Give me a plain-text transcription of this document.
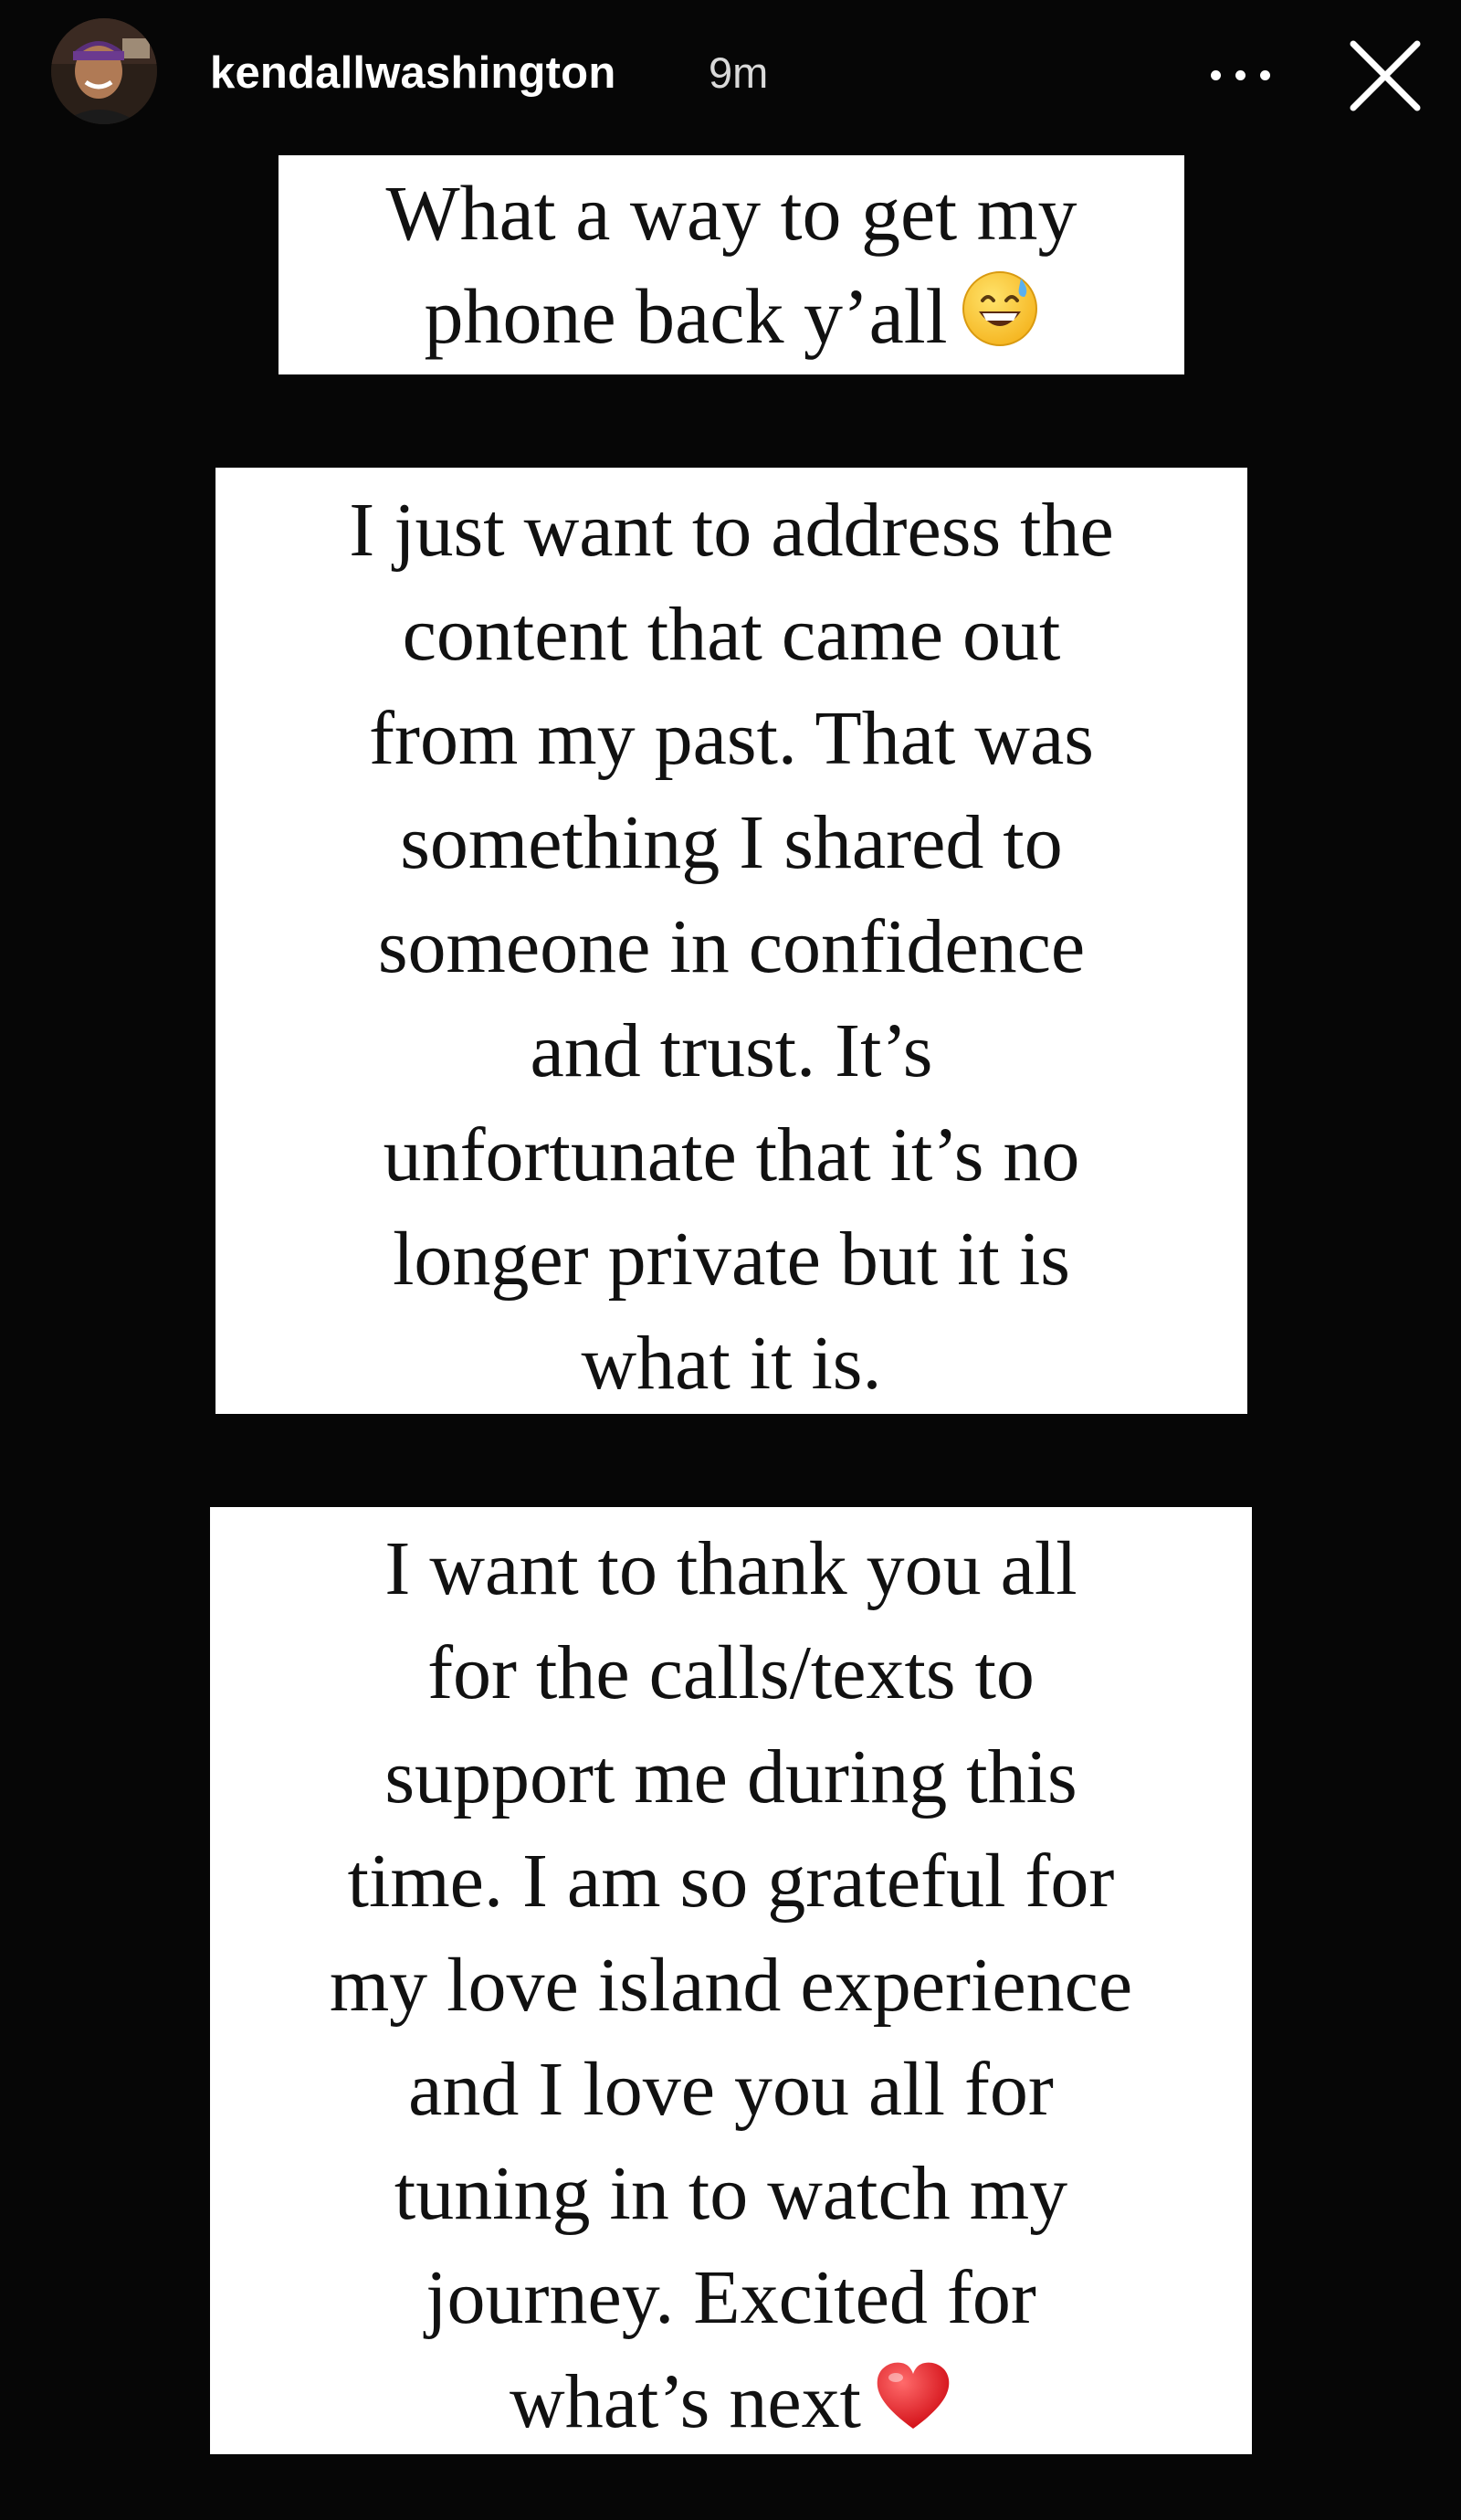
kendallwashington 9m
What a way to get my
phone back y’all
I just want to address the
content that came out
from my past. That was
something I shared to
someone in confidence
and trust. It’s
unfortunate that it’s no
longer private but it is
what it is.
I want to thank you all
for the calls/texts to
support me during this
time. I am so grateful for
my love island experience
and I love you all for
tuning in to watch my
journey. Excited for
what’s next
